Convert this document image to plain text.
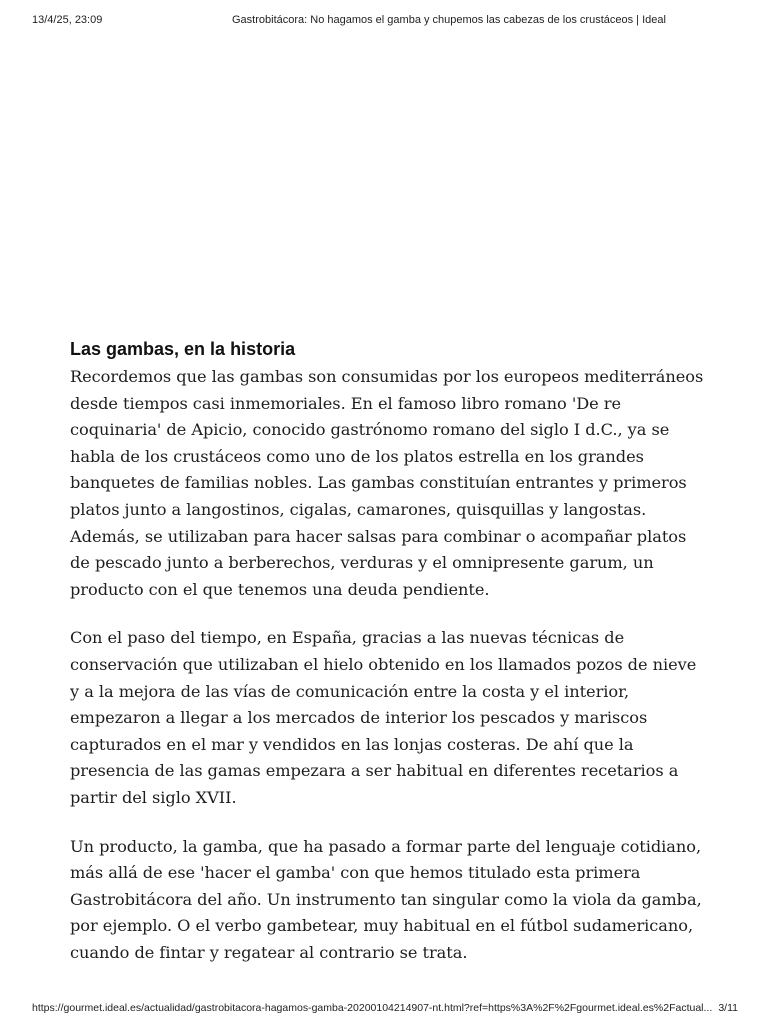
13/4/25, 23:09	Gastrobitácora: No hagamos el gamba y chupemos las cabezas de los crustáceos | Ideal
Las gambas, en la historia

Recordemos que las gambas son consumidas por los europeos mediterráneos desde tiempos casi inmemoriales. En el famoso libro romano 'De re coquinaria' de Apicio, conocido gastrónomo romano del siglo I d.C., ya se habla de los crustáceos como uno de los platos estrella en los grandes banquetes de familias nobles. Las gambas constituían entrantes y primeros platos junto a langostinos, cigalas, camarones, quisquillas y langostas. Además, se utilizaban para hacer salsas para combinar o acompañar platos de pescado junto a berberechos, verduras y el omnipresente garum, un producto con el que tenemos una deuda pendiente.

Con el paso del tiempo, en España, gracias a las nuevas técnicas de conservación que utilizaban el hielo obtenido en los llamados pozos de nieve y a la mejora de las vías de comunicación entre la costa y el interior, empezaron a llegar a los mercados de interior los pescados y mariscos capturados en el mar y vendidos en las lonjas costeras. De ahí que la presencia de las gamas empezara a ser habitual en diferentes recetarios a partir del siglo XVII.

Un producto, la gamba, que ha pasado a formar parte del lenguaje cotidiano, más allá de ese 'hacer el gamba' con que hemos titulado esta primera Gastrobitácora del año. Un instrumento tan singular como la viola da gamba, por ejemplo. O el verbo gambetear, muy habitual en el fútbol sudamericano, cuando de fintar y regatear al contrario se trata.

https://gourmet.ideal.es/actualidad/gastrobitacora-hagamos-gamba-20200104214907-nt.html?ref=https%3A%2F%2Fgourmet.ideal.es%2Factual... 3/11
